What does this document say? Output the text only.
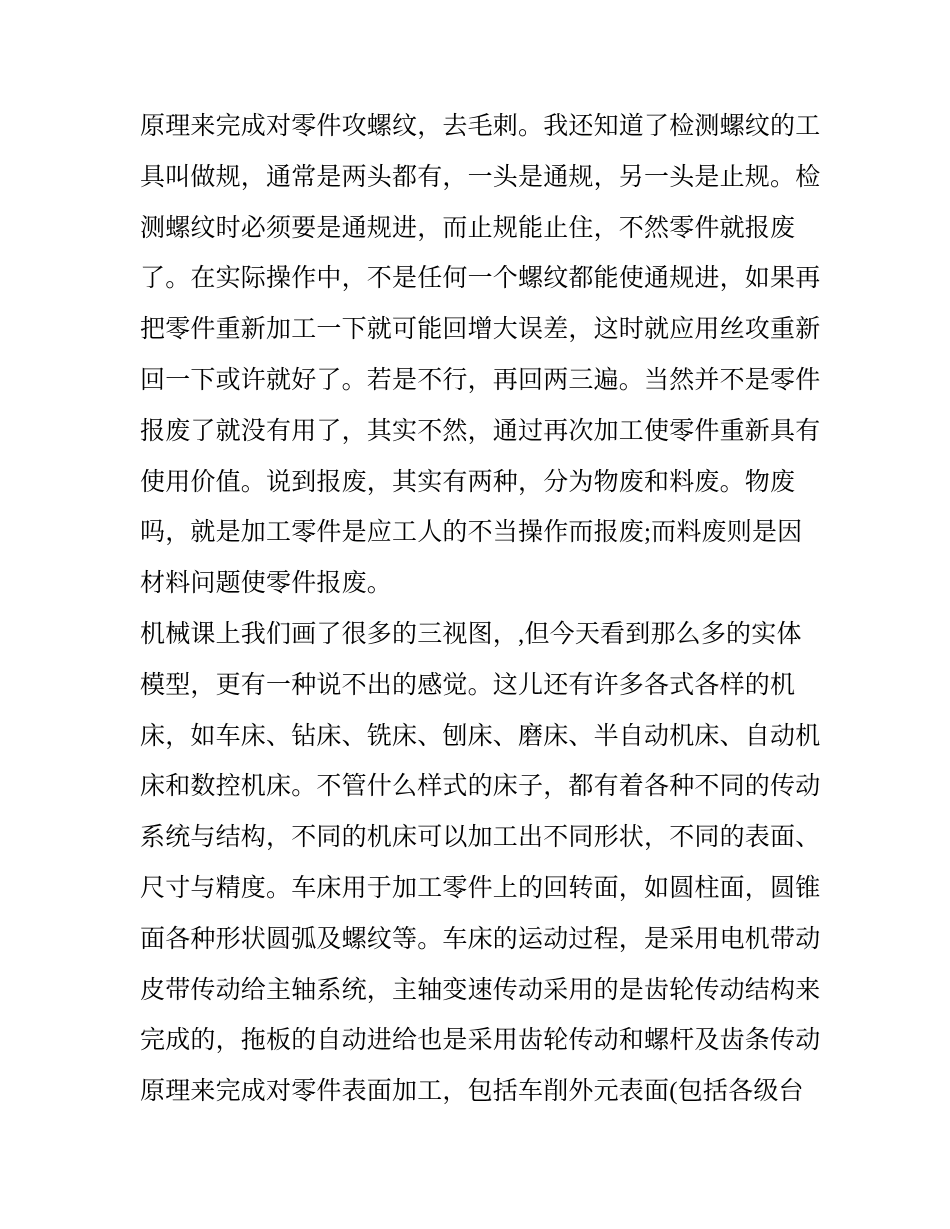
原理来完成对零件攻螺纹，去毛刺。我还知道了检测螺纹的工
具叫做规，通常是两头都有，一头是通规，另一头是止规。检
测螺纹时必须要是通规进，而止规能止住，不然零件就报废
了。在实际操作中，不是任何一个螺纹都能使通规进，如果再
把零件重新加工一下就可能回增大误差，这时就应用丝攻重新
回一下或许就好了。若是不行，再回两三遍。当然并不是零件
报废了就没有用了，其实不然，通过再次加工使零件重新具有
使用价值。说到报废，其实有两种，分为物废和料废。物废
吗，就是加工零件是应工人的不当操作而报废;而料废则是因
材料问题使零件报废。
机械课上我们画了很多的三视图，,但今天看到那么多的实体
模型，更有一种说不出的感觉。这儿还有许多各式各样的机
床，如车床、钻床、铣床、刨床、磨床、半自动机床、自动机
床和数控机床。不管什么样式的床子，都有着各种不同的传动
系统与结构，不同的机床可以加工出不同形状，不同的表面、
尺寸与精度。车床用于加工零件上的回转面，如圆柱面，圆锥
面各种形状圆弧及螺纹等。车床的运动过程，是采用电机带动
皮带传动给主轴系统，主轴变速传动采用的是齿轮传动结构来
完成的，拖板的自动进给也是采用齿轮传动和螺杆及齿条传动
原理来完成对零件表面加工，包括车削外元表面(包括各级台
